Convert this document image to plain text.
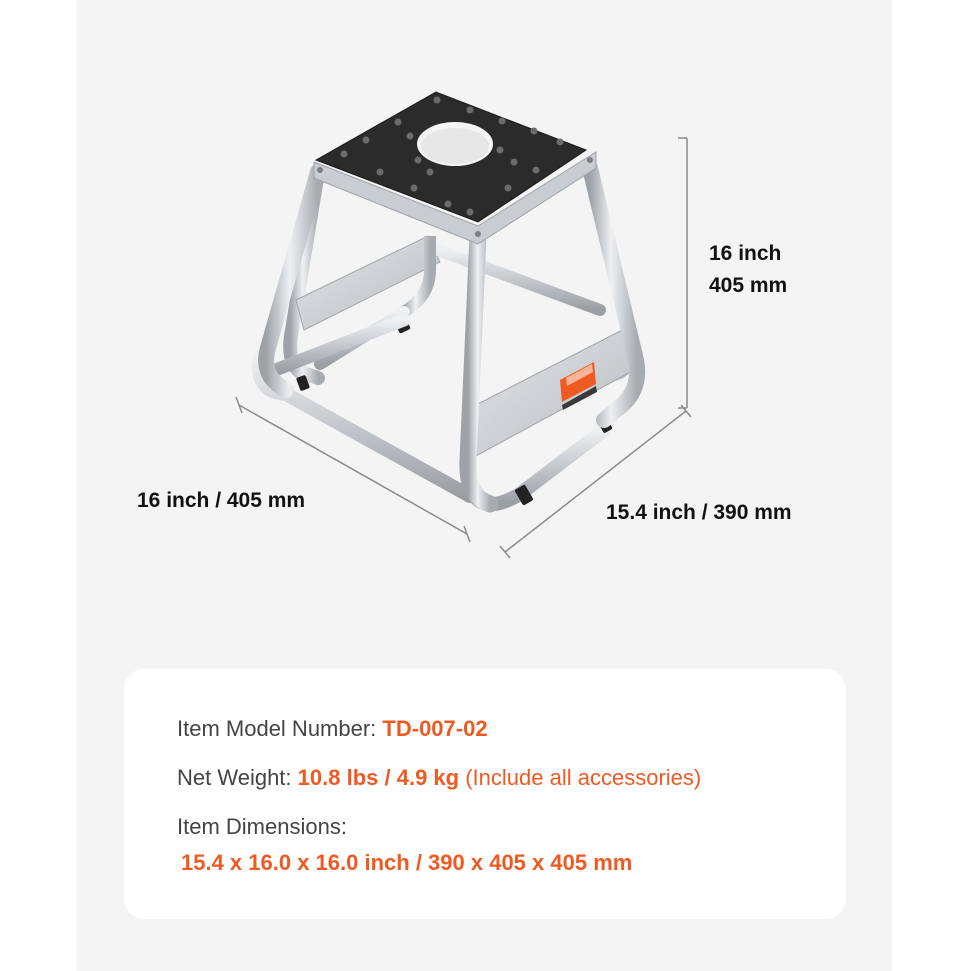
16 inch
405 mm
16 inch / 405 mm
15.4 inch / 390 mm
Item Model Number: TD-007-02
Net Weight: 10.8 lbs / 4.9 kg (Include all accessories)
Item Dimensions:
15.4 x 16.0 x 16.0 inch / 390 x 405 x 405 mm
